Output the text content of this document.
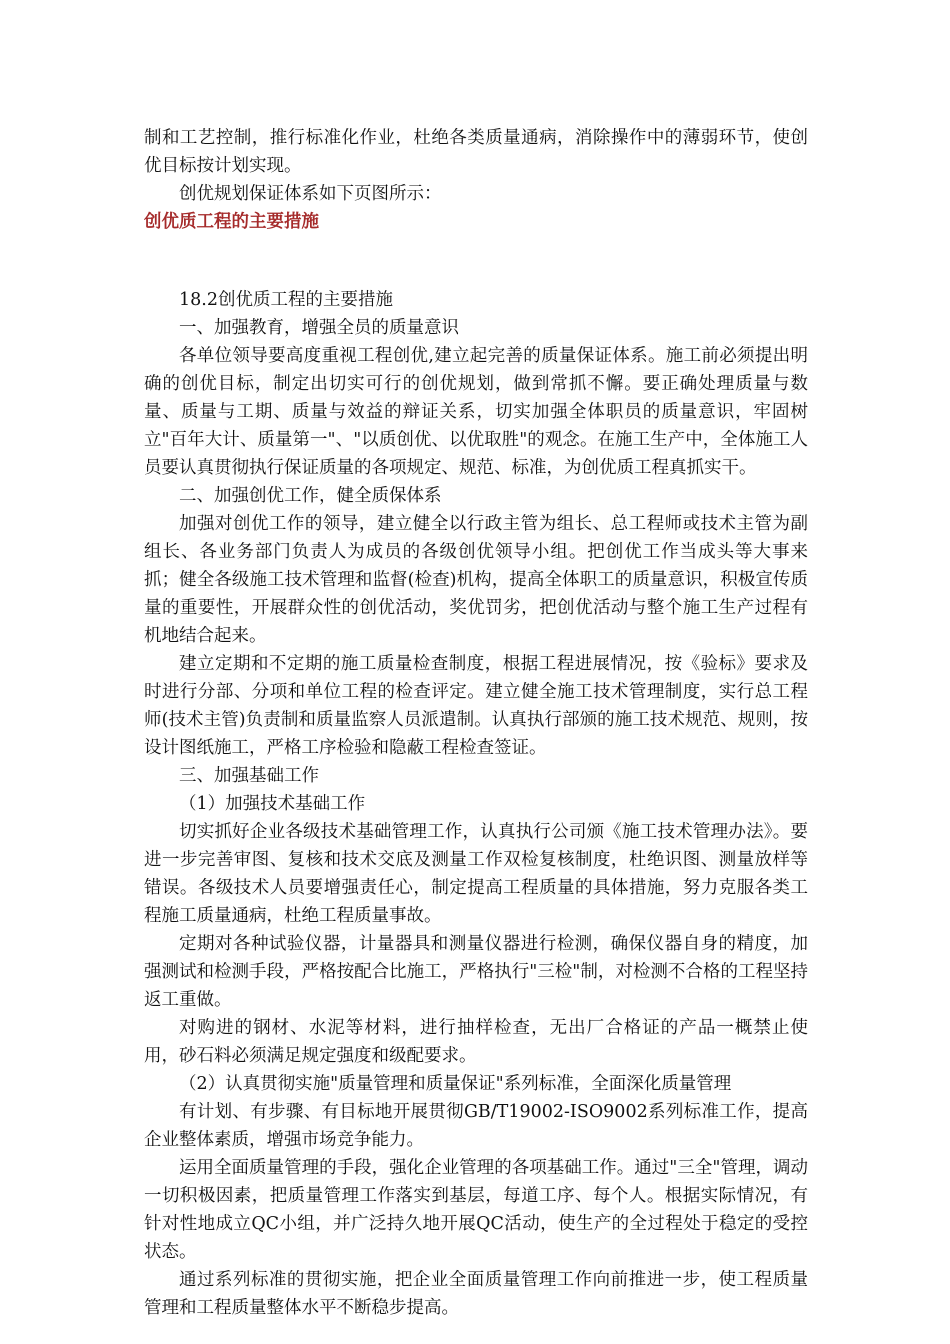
制和工艺控制，推行标准化作业，杜绝各类质量通病，消除操作中的薄弱环节，使创优目标按计划实现。

创优规划保证体系如下页图所示：

创优质工程的主要措施

18.2创优质工程的主要措施

一、加强教育，增强全员的质量意识

各单位领导要高度重视工程创优,建立起完善的质量保证体系。施工前必须提出明确的创优目标，制定出切实可行的创优规划，做到常抓不懈。要正确处理质量与数量、质量与工期、质量与效益的辩证关系，切实加强全体职员的质量意识，牢固树立"百年大计、质量第一"、"以质创优、以优取胜"的观念。在施工生产中，全体施工人员要认真贯彻执行保证质量的各项规定、规范、标准，为创优质工程真抓实干。

二、加强创优工作，健全质保体系

加强对创优工作的领导，建立健全以行政主管为组长、总工程师或技术主管为副组长、各业务部门负责人为成员的各级创优领导小组。把创优工作当成头等大事来抓；健全各级施工技术管理和监督(检查)机构，提高全体职工的质量意识，积极宣传质量的重要性，开展群众性的创优活动，奖优罚劣，把创优活动与整个施工生产过程有机地结合起来。

建立定期和不定期的施工质量检查制度，根据工程进展情况，按《验标》要求及时进行分部、分项和单位工程的检查评定。建立健全施工技术管理制度，实行总工程师(技术主管)负责制和质量监察人员派遣制。认真执行部颁的施工技术规范、规则，按设计图纸施工，严格工序检验和隐蔽工程检查签证。

三、加强基础工作

（1）加强技术基础工作

切实抓好企业各级技术基础管理工作，认真执行公司颁《施工技术管理办法》。要进一步完善审图、复核和技术交底及测量工作双检复核制度，杜绝识图、测量放样等错误。各级技术人员要增强责任心，制定提高工程质量的具体措施，努力克服各类工程施工质量通病，杜绝工程质量事故。

定期对各种试验仪器，计量器具和测量仪器进行检测，确保仪器自身的精度，加强测试和检测手段，严格按配合比施工，严格执行"三检"制，对检测不合格的工程坚持返工重做。

对购进的钢材、水泥等材料，进行抽样检查，无出厂合格证的产品一概禁止使用，砂石料必须满足规定强度和级配要求。

（2）认真贯彻实施"质量管理和质量保证"系列标准，全面深化质量管理

有计划、有步骤、有目标地开展贯彻GB/T19002-ISO9002系列标准工作，提高企业整体素质，增强市场竞争能力。

运用全面质量管理的手段，强化企业管理的各项基础工作。通过"三全"管理，调动一切积极因素，把质量管理工作落实到基层，每道工序、每个人。根据实际情况，有针对性地成立QC小组，并广泛持久地开展QC活动，使生产的全过程处于稳定的受控状态。

通过系列标准的贯彻实施，把企业全面质量管理工作向前推进一步，使工程质量管理和工程质量整体水平不断稳步提高。
